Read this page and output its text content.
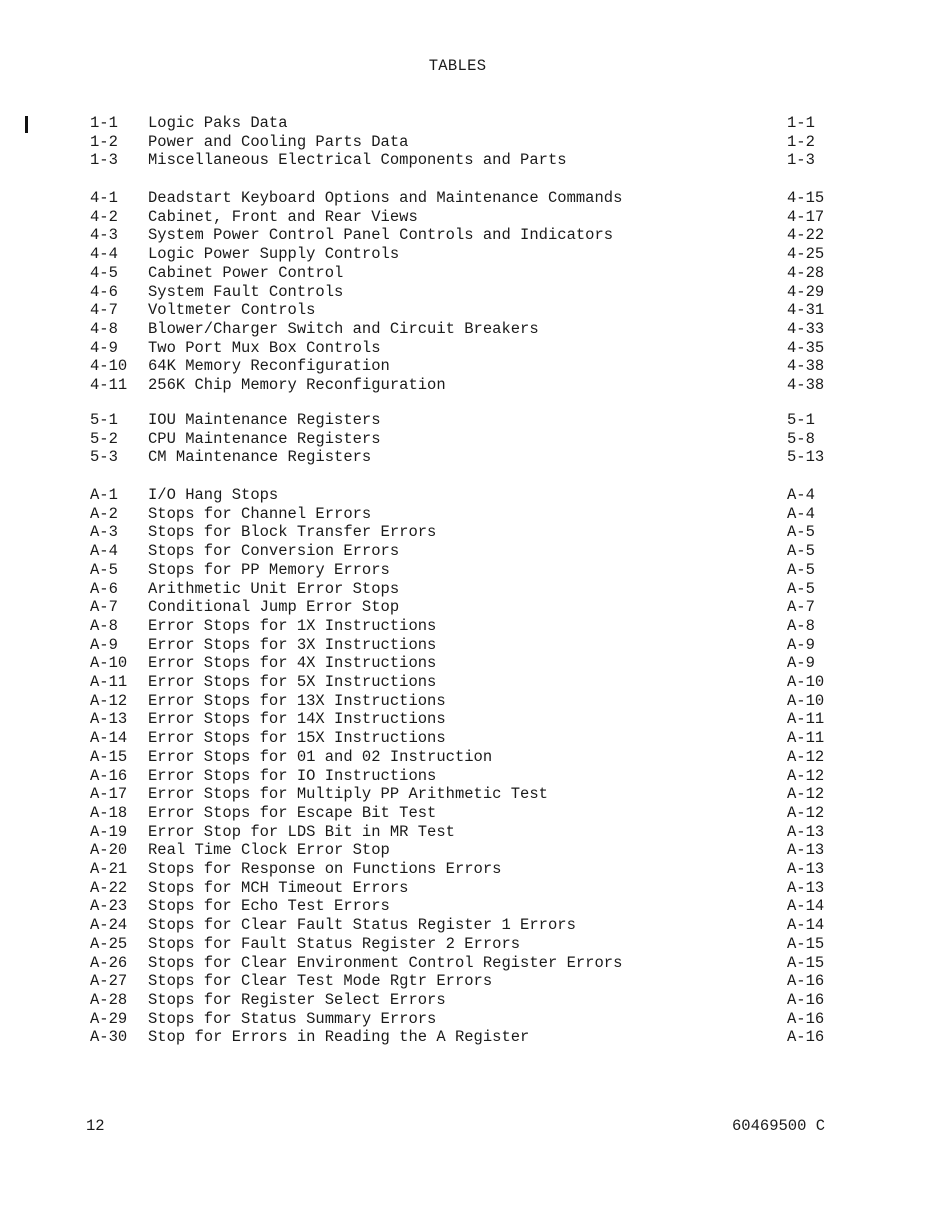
TABLES
1-1 Logic Paks Data	1-1
1-2 Power and Cooling Parts Data	1-2
1-3 Miscellaneous Electrical Components and Parts	1-3
4-1 Deadstart Keyboard Options and Maintenance Commands	4-15
4-2 Cabinet, Front and Rear Views	4-17
4-3 System Power Control Panel Controls and Indicators	4-22
4-4 Logic Power Supply Controls	4-25
4-5 Cabinet Power Control	4-28
4-6 System Fault Controls	4-29
4-7 Voltmeter Controls	4-31
4-8 Blower/Charger Switch and Circuit Breakers	4-33
4-9 Two Port Mux Box Controls	4-35
4-10 64K Memory Reconfiguration	4-38
4-11 256K Chip Memory Reconfiguration	4-38
5-1 IOU Maintenance Registers	5-1
5-2 CPU Maintenance Registers	5-8
5-3 CM Maintenance Registers	5-13
A-1 I/O Hang Stops	A-4
A-2 Stops for Channel Errors	A-4
A-3 Stops for Block Transfer Errors	A-5
A-4 Stops for Conversion Errors	A-5
A-5 Stops for PP Memory Errors	A-5
A-6 Arithmetic Unit Error Stops	A-5
A-7 Conditional Jump Error Stop	A-7
A-8 Error Stops for 1X Instructions	A-8
A-9 Error Stops for 3X Instructions	A-9
A-10 Error Stops for 4X Instructions	A-9
A-11 Error Stops for 5X Instructions	A-10
A-12 Error Stops for 13X Instructions	A-10
A-13 Error Stops for 14X Instructions	A-11
A-14 Error Stops for 15X Instructions	A-11
A-15 Error Stops for 01 and 02 Instruction	A-12
A-16 Error Stops for IO Instructions	A-12
A-17 Error Stops for Multiply PP Arithmetic Test	A-12
A-18 Error Stops for Escape Bit Test	A-12
A-19 Error Stop for LDS Bit in MR Test	A-13
A-20 Real Time Clock Error Stop	A-13
A-21 Stops for Response on Functions Errors	A-13
A-22 Stops for MCH Timeout Errors	A-13
A-23 Stops for Echo Test Errors	A-14
A-24 Stops for Clear Fault Status Register 1 Errors	A-14
A-25 Stops for Fault Status Register 2 Errors	A-15
A-26 Stops for Clear Environment Control Register Errors	A-15
A-27 Stops for Clear Test Mode Rgtr Errors	A-16
A-28 Stops for Register Select Errors	A-16
A-29 Stops for Status Summary Errors	A-16
A-30 Stop for Errors in Reading the A Register	A-16
12	60469500 C
